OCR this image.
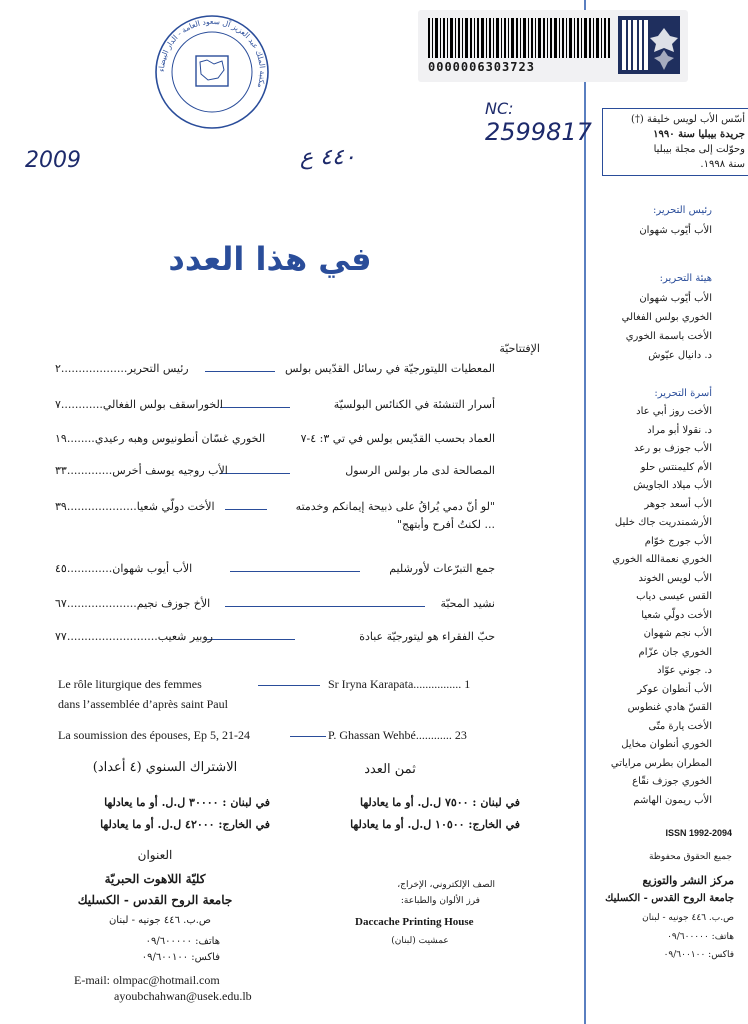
مكتبة الملك عبد العزيز آل سعود العامة - الدار البيضاء
0000006303723
2009	٤٤٠ ع
NC:
2599817
في هذا العدد
الإفتتاحيّة
المعطيات الليتورجيّة في رسائل القدّيس بولس
رئيس التحرير...................٢
أسرار التنشئة في الكنائس البولسيّة
الخوراسقف بولس الفغالي............٧
العماد بحسب القدّيس بولس في تي ٣: ٤-٧
الخوري غسّان أنطونيوس وهبه رعيدي........١٩
المصالحة لدى مار بولس الرسول
الأب روجيه يوسف أخرس.............٣٣
"لو أنّ دمي يُراقُ على ذبيحة إيمانكم وخدمته
... لكنتُ أفرح وأبتهج"
الأخت دولّي شعيا....................٣٩
جمع التبرّعات لأورشليم
الأب أيوب شهوان.............٤٥
نشيد المحبّة
الأخ جوزف نجيم....................٦٧
حبّ الفقراء هو ليتورجيّة عبادة
روبير شعيب..........................٧٧
Le rôle liturgique des femmes
dans l’assemblée d’après saint Paul
Sr Iryna Karapata................ 1
La soumission des épouses, Ep 5, 21-24	P. Ghassan Wehbé............ 23
الاشتراك السنوي (٤ أعداد)
في لبنان : ٣٠٠٠٠ ل.ل. أو ما يعادلها
في الخارج: ٤٢٠٠٠ ل.ل. أو ما يعادلها
ثمن العدد
في لبنان : ٧٥٠٠ ل.ل. أو ما يعادلها
في الخارج: ١٠٥٠٠ ل.ل. أو ما يعادلها
العنوان
كليّة اللاهوت الحبريّة
جامعة الروح القدس - الكسليك
ص.ب. ٤٤٦ جونيه - لبنان
هاتف: ٠٩/٦٠٠٠٠٠
فاكس: ٠٩/٦٠٠١٠٠
E-mail: olmpac@hotmail.com
ayoubchahwan@usek.edu.lb
الصف الإلكتروني، الإخراج،
فرز الألوان والطباعة:
Daccache Printing House
عمشيت (لبنان)
أسّس الأب لويس خليفة (†)
جريدة بيبليا سنة ١٩٩٠
وحوّلت إلى مجلة بيبليا
سنة ١٩٩٨.
رئيس التحرير:
الأب أيّوب شهوان
هيئة التحرير:
الأب أيّوب شهوان
الخوري بولس الفغالي
الأخت باسمة الخوري
د. دانيال عيّوش
أسرة التحرير:
الأخت روز أبي عاد
د. نقولا أبو مراد
الأب جوزف بو رعد
الأم كليمنتس حلو
الأب ميلاد الجاويش
الأب أسعد جوهر
الأرشمندريت جاك خليل
الأب جورج خوّام
الخوري نعمةالله الخوري
الأب لويس الخوند
القس عيسى دياب
الأخت دولّي شعيا
الأب نجم شهوان
الخوري جان عزّام
د. جوني عوّاد
الأب أنطوان عوكر
القسّ هادي غنطوس
الأخت يارة متّى
الخوري أنطوان مخايل
المطران بطرس مراياتي
الخوري جوزف نقّاع
الأب ريمون الهاشم
ISSN 1992-2094
جميع الحقوق محفوظة
مركز النشر والتوزيع
جامعة الروح القدس - الكسليك
ص.ب. ٤٤٦ جونيه - لبنان
هاتف: ٠٩/٦٠٠٠٠٠
فاكس: ٠٩/٦٠٠١٠٠
